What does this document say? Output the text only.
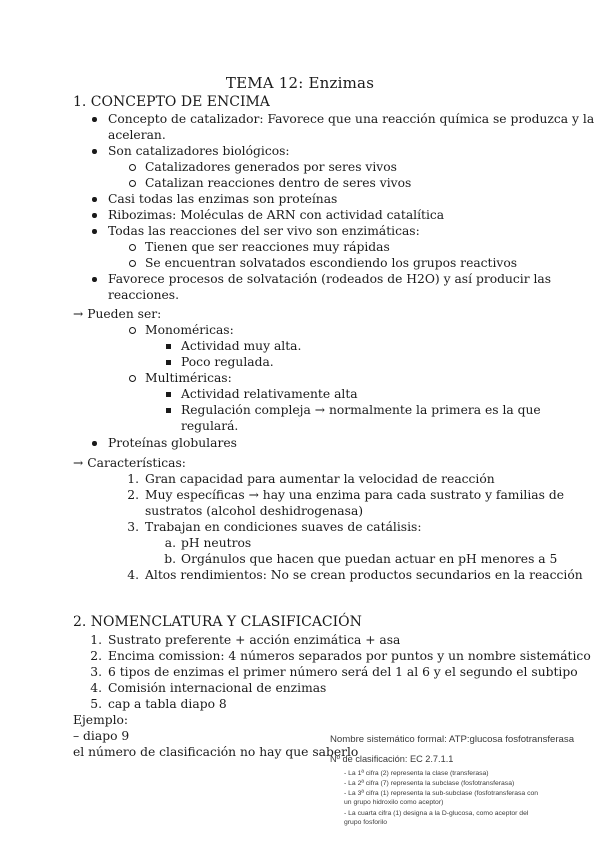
TEMA 12: Enzimas
1. CONCEPTO DE ENCIMA
Concepto de catalizador: Favorece que una reacción química se produzca y la
aceleran.
Son catalizadores biológicos:
Catalizadores generados por seres vivos
Catalizan reacciones dentro de seres vivos
Casi todas las enzimas son proteínas
Ribozimas: Moléculas de ARN con actividad catalítica
Todas las reacciones del ser vivo son enzimáticas:
Tienen que ser reacciones muy rápidas
Se encuentran solvatados escondiendo los grupos reactivos
Favorece procesos de solvatación (rodeados de H2O) y así producir las
reacciones.
→ Pueden ser:
Monoméricas:
Actividad muy alta.
Poco regulada.
Multiméricas:
Actividad relativamente alta
Regulación compleja → normalmente la primera es la que
regulará.
Proteínas globulares
→ Características:
1. Gran capacidad para aumentar la velocidad de reacción
2. Muy específicas → hay una enzima para cada sustrato y familias de
sustratos (alcohol deshidrogenasa)
3. Trabajan en condiciones suaves de catálisis:
a. pH neutros
b. Orgánulos que hacen que puedan actuar en pH menores a 5
4. Altos rendimientos: No se crean productos secundarios en la reacción
2. NOMENCLATURA Y CLASIFICACIÓN
1. Sustrato preferente + acción enzimática + asa
2. Encima comission: 4 números separados por puntos y un nombre sistemático
3. 6 tipos de enzimas el primer número será del 1 al 6 y el segundo el subtipo
4. Comisión internacional de enzimas
5. cap a tabla diapo 8
Ejemplo:
– diapo 9
el número de clasificación no hay que saberlo
Nombre sistemático formal: ATP:glucosa fosfotransferasa
Nº de clasificación: EC 2.7.1.1
- La 1ª cifra (2) representa la clase (transferasa)
- La 2ª cifra (7) representa la subclase (fosfotransferasa)
- La 3ª cifra (1) representa la sub-subclase (fosfotransferasa con
un grupo hidroxilo como aceptor)
- La cuarta cifra (1) designa a la D-glucosa, como aceptor del
grupo fosforilo
